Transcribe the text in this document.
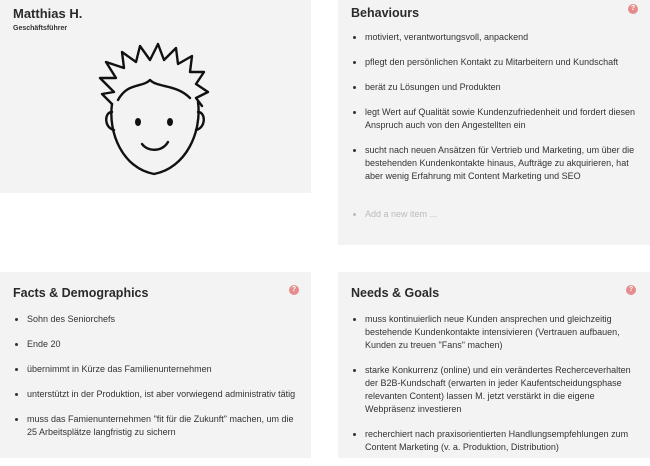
Matthias H.
Geschäftsführer
Behaviours	?
motiviert, verantwortungsvoll, anpackend
pflegt den persönlichen Kontakt zu Mitarbeitern und Kundschaft
berät zu Lösungen und Produkten
legt Wert auf Qualität sowie Kundenzufriedenheit und fordert diesen Anspruch auch von den Angestellten ein
sucht nach neuen Ansätzen für Vertrieb und Marketing, um über die bestehenden Kundenkontakte hinaus, Aufträge zu akquirieren, hat aber wenig Erfahrung mit Content Marketing und SEO
Add a new item ...
Facts & Demographics	?
Sohn des Seniorchefs
Ende 20
übernimmt in Kürze das Familienunternehmen
unterstützt in der Produktion, ist aber vorwiegend administrativ tätig
muss das Famienunternehmen "fit für die Zukunft" machen, um die 25 Arbeitsplätze langfristig zu sichern
Needs & Goals	?
muss kontinuierlich neue Kunden ansprechen und gleichzeitig bestehende Kundenkontakte intensivieren (Vertrauen aufbauen, Kunden zu treuen "Fans" machen)
starke Konkurrenz (online) und ein verändertes Recherceverhalten der B2B-Kundschaft (erwarten in jeder Kaufentscheidungsphase relevanten Content) lassen M. jetzt verstärkt in die eigene Webpräsenz investieren
recherchiert nach praxisorientierten Handlungsempfehlungen zum Content Marketing (v. a. Produktion, Distribution)
